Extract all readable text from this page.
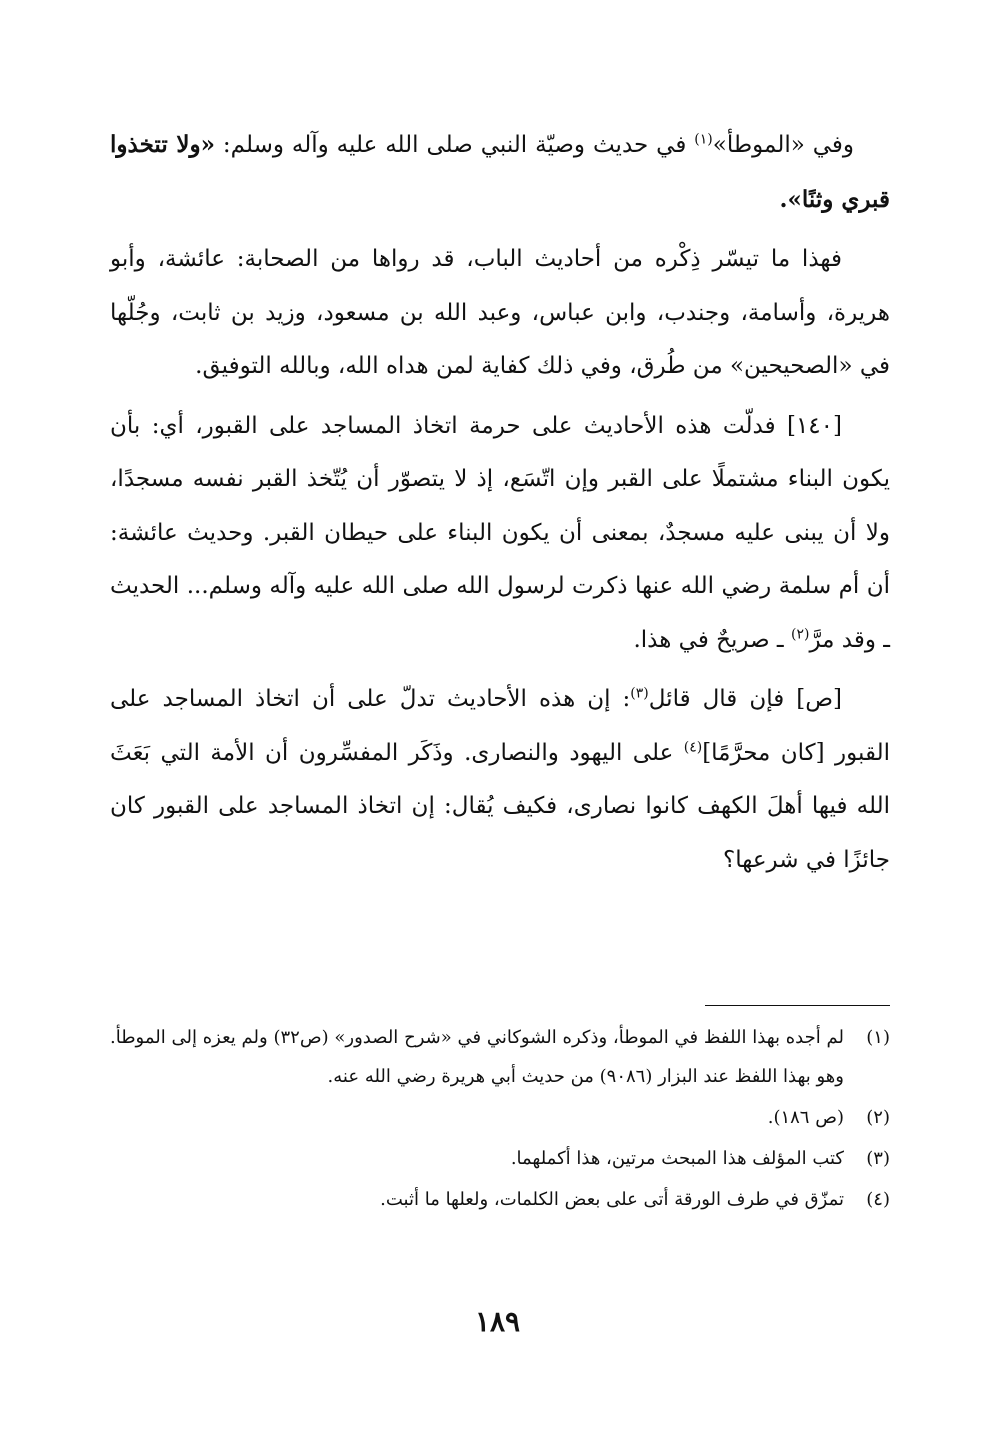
وفي «الموطأ»$^{(١)}$ في حديث وصيّة النبي صلى الله عليه وآله وسلم: «ولا تتخذوا قبري وثنًا».

فهذا ما تيسّر ذِكْره من أحاديث الباب، قد رواها من الصحابة: عائشة، وأبو هريرة، وأسامة، وجندب، وابن عباس، وعبد الله بن مسعود، وزيد بن ثابت، وجُلّها في «الصحيحين» من طُرق، وفي ذلك كفاية لمن هداه الله، وبالله التوفيق.

[١٤٠] فدلّت هذه الأحاديث على حرمة اتخاذ المساجد على القبور، أي: بأن يكون البناء مشتملًا على القبر وإن اتّسَع، إذ لا يتصوّر أن يُتّخذ القبر نفسه مسجدًا، ولا أن يبنى عليه مسجدٌ، بمعنى أن يكون البناء على حيطان القبر. وحديث عائشة: أن أم سلمة رضي الله عنها ذكرت لرسول الله صلى الله عليه وآله وسلم... الحديث ـ وقد مرَّ$^{(٢)}$ ـ صريحٌ في هذا.

[ص] فإن قال قائل$^{(٣)}$: إن هذه الأحاديث تدلّ على أن اتخاذ المساجد على القبور [كان محرَّمًا]$^{(٤)}$ على اليهود والنصارى. وذَكَر المفسِّرون أن الأمة التي بَعَثَ الله فيها أهلَ الكهف كانوا نصارى، فكيف يُقال: إن اتخاذ المساجد على القبور كان جائزًا في شرعها؟

(١)
لم أجده بهذا اللفظ في الموطأ، وذكره الشوكاني في «شرح الصدور» (ص٣٢) ولم يعزه إلى الموطأ. وهو بهذا اللفظ عند البزار (٩٠٨٦) من حديث أبي هريرة رضي الله عنه.
(٢)
(ص ١٨٦).
(٣)
كتب المؤلف هذا المبحث مرتين، هذا أكملهما.
(٤)
تمزّق في طرف الورقة أتى على بعض الكلمات، ولعلها ما أثبت.
١٨٩
